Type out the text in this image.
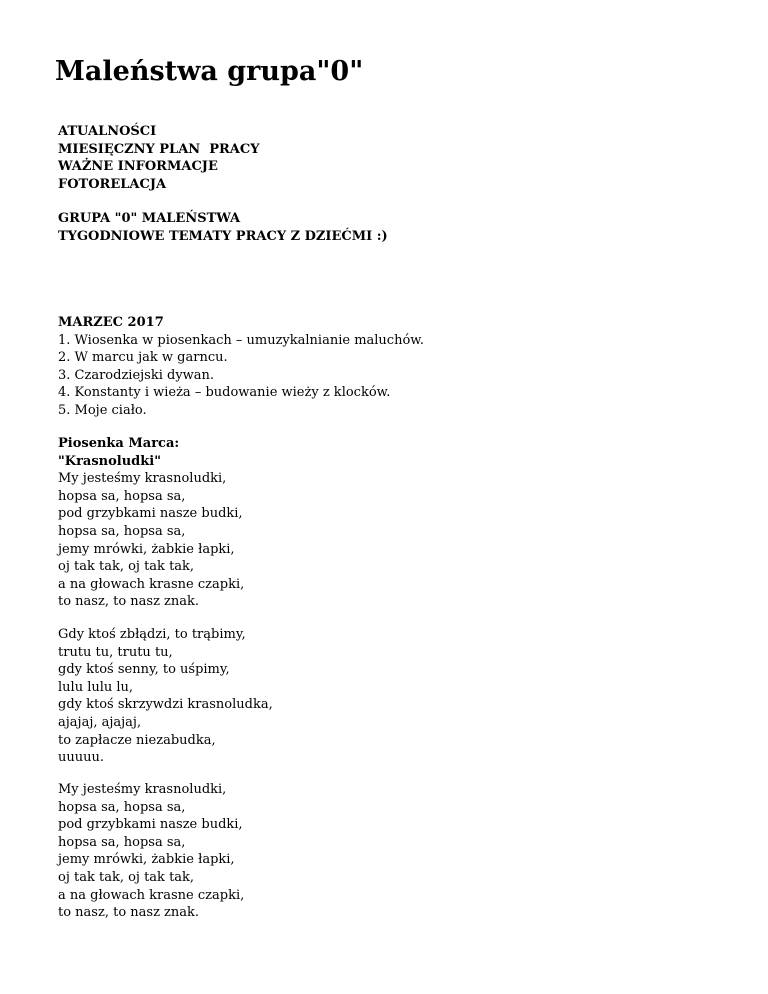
Maleństwa grupa"0"
ATUALNOŚCI
MIESIĘCZNY PLAN  PRACY
WAŻNE INFORMACJE
FOTORELACJA
GRUPA "0" MALEŃSTWA
TYGODNIOWE TEMATY PRACY Z DZIEĆMI :)
MARZEC 2017
1. Wiosenka w piosenkach – umuzykalnianie maluchów.
2. W marcu jak w garncu.
3. Czarodziejski dywan.
4. Konstanty i wieża – budowanie wieży z klocków.
5. Moje ciało.
Piosenka Marca:
"Krasnoludki"
My jesteśmy krasnoludki,
hopsa sa, hopsa sa,
pod grzybkami nasze budki,
hopsa sa, hopsa sa,
jemy mrówki, żabkie łapki,
oj tak tak, oj tak tak,
a na głowach krasne czapki,
to nasz, to nasz znak.
Gdy ktoś zbłądzi, to trąbimy,
trutu tu, trutu tu,
gdy ktoś senny, to uśpimy,
lulu lulu lu,
gdy ktoś skrzywdzi krasnoludka,
ajajaj, ajajaj,
to zapłacze niezabudka,
uuuuu.
My jesteśmy krasnoludki,
hopsa sa, hopsa sa,
pod grzybkami nasze budki,
hopsa sa, hopsa sa,
jemy mrówki, żabkie łapki,
oj tak tak, oj tak tak,
a na głowach krasne czapki,
to nasz, to nasz znak.
